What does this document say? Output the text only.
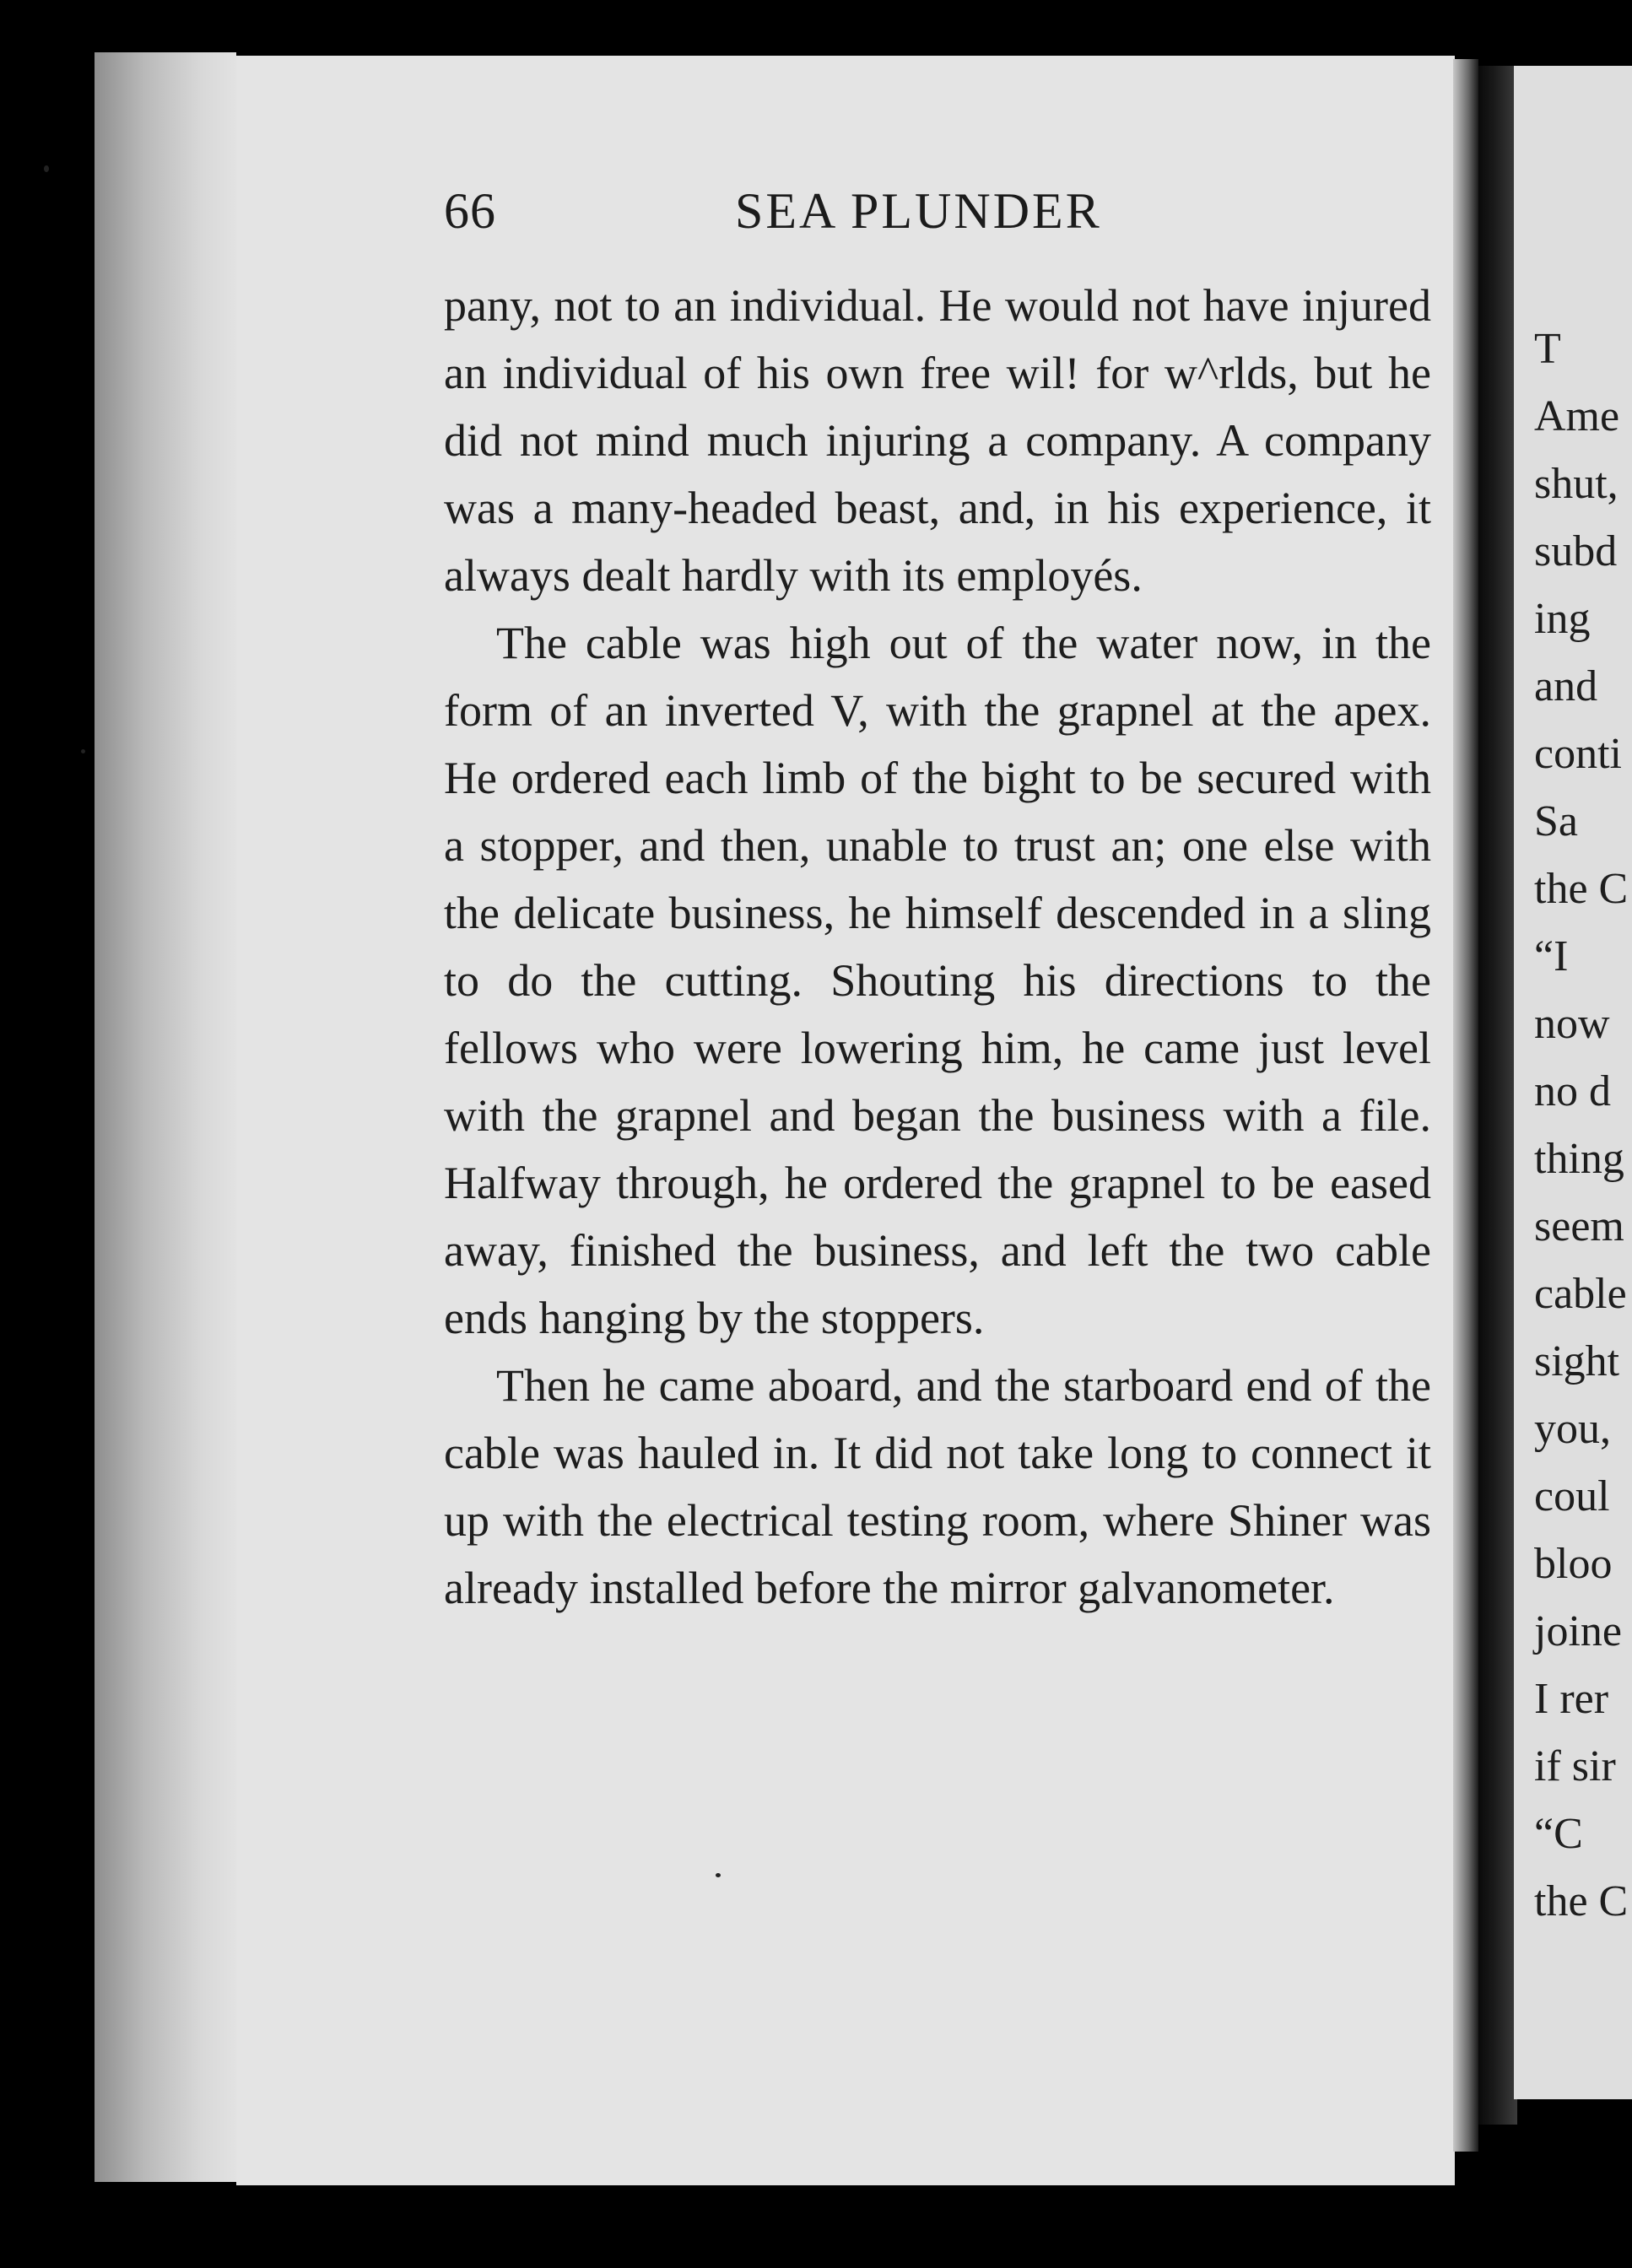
T
Ame
shut,
subd
ing
and
conti
Sa
the C
“I
now
no d
thing
seem
cable
sight
you,
coul
bloo
joine
I rer
if sir
“C
the C
66	SEA PLUNDER

pany, not to an individual. He would not have injured an individual of his own free wil! for w^rlds, but he did not mind much injuring a company. A company was a many-headed beast, and, in his experience, it always dealt hardly with its employés.

The cable was high out of the water now, in the form of an inverted V, with the grapnel at the apex. He ordered each limb of the bight to be secured with a stopper, and then, unable to trust an; one else with the delicate business, he himself descended in a sling to do the cutting. Shouting his directions to the fellows who were lowering him, he came just level with the grapnel and began the business with a file. Halfway through, he ordered the grapnel to be eased away, finished the business, and left the two cable ends hanging by the stoppers.

Then he came aboard, and the starboard end of the cable was hauled in. It did not take long to connect it up with the electrical testing room, where Shiner was already installed before the mirror galvanometer.
